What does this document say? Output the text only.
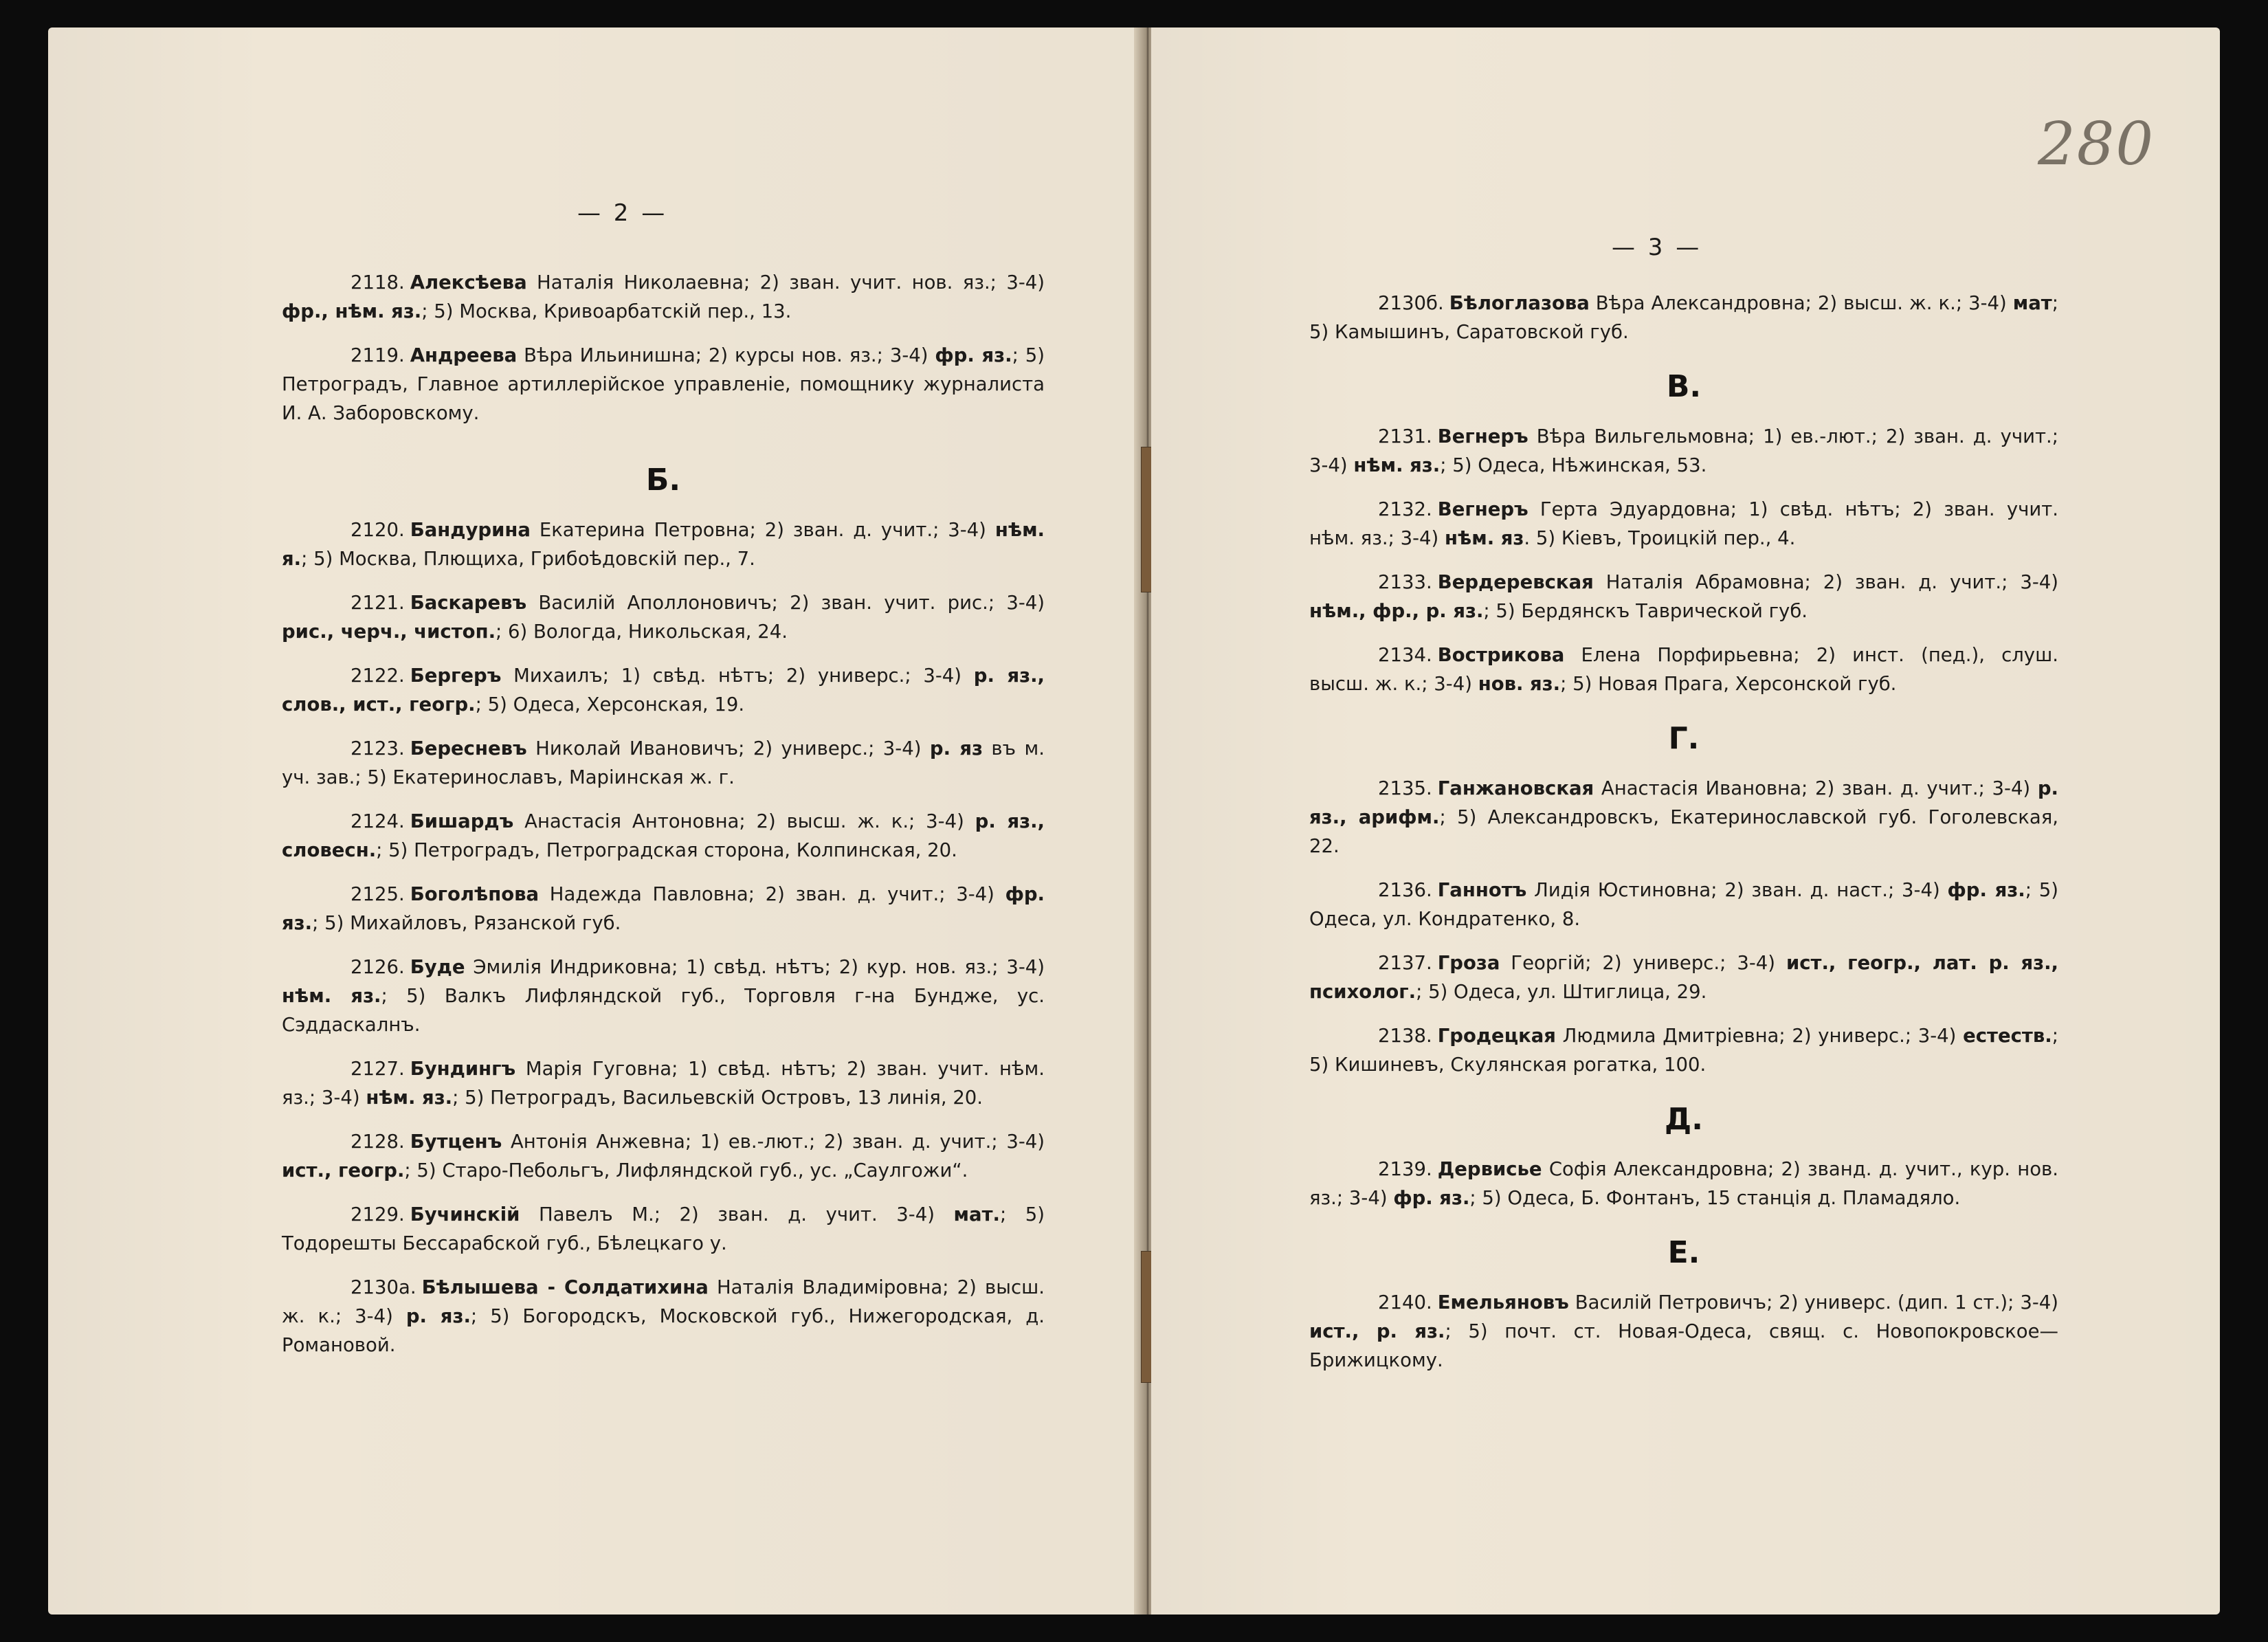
— 2 —
2118. Алексѣева Наталія Николаевна; 2) зван. учит. нов. яз.; 3-4) фр., нѣм. яз.; 5) Москва, Кривоарбатскій пер., 13.
2119. Андреева Вѣра Ильинишна; 2) курсы нов. яз.; 3-4) фр. яз.; 5) Петроградъ, Главное артиллерійское управленіе, помощнику журналиста И. А. Заборовскому.
Б.
2120. Бандурина Екатерина Петровна; 2) зван. д. учит.; 3-4) нѣм. я.; 5) Москва, Плющиха, Грибоѣдовскій пер., 7.
2121. Баскаревъ Василій Аполлоновичъ; 2) зван. учит. рис.; 3-4) рис., черч., чистоп.; 6) Вологда, Никольская, 24.
2122. Бергеръ Михаилъ; 1) свѣд. нѣтъ; 2) универс.; 3-4) р. яз., слов., ист., геогр.; 5) Одеса, Херсонская, 19.
2123. Бересневъ Николай Ивановичъ; 2) универс.; 3-4) р. яз въ м. уч. зав.; 5) Екатеринославъ, Маріинская ж. г.
2124. Бишардъ Анастасія Антоновна; 2) высш. ж. к.; 3-4) р. яз., словесн.; 5) Петроградъ, Петроградская сторона, Колпинская, 20.
2125. Боголѣпова Надежда Павловна; 2) зван. д. учит.; 3-4) фр. яз.; 5) Михайловъ, Рязанской губ.
2126. Буде Эмилія Индриковна; 1) свѣд. нѣтъ; 2) кур. нов. яз.; 3-4) нѣм. яз.; 5) Валкъ Лифляндской губ., Торговля г-на Бундже, ус. Сэддаскалнъ.
2127. Бундингъ Марія Гуговна; 1) свѣд. нѣтъ; 2) зван. учит. нѣм. яз.; 3-4) нѣм. яз.; 5) Петроградъ, Васильевскій Островъ, 13 линія, 20.
2128. Бутценъ Антонія Анжевна; 1) ев.-лют.; 2) зван. д. учит.; 3-4) ист., геогр.; 5) Старо-Пебольгъ, Лифляндской губ., ус. „Саулгожи“.
2129. Бучинскій Павелъ М.; 2) зван. д. учит. 3-4) мат.; 5) Тодорешты Бессарабской губ., Бѣлецкаго у.
2130а. Бѣлышева - Солдатихина Наталія Владиміровна; 2) высш. ж. к.; 3-4) р. яз.; 5) Богородскъ, Московской губ., Нижегородская, д. Романовой.
280
— 3 —
2130б. Бѣлоглазова Вѣра Александровна; 2) высш. ж. к.; 3-4) мат; 5) Камышинъ, Саратовской губ.
В.
2131. Вегнеръ Вѣра Вильгельмовна; 1) ев.-лют.; 2) зван. д. учит.; 3-4) нѣм. яз.; 5) Одеса, Нѣжинская, 53.
2132. Вегнеръ Герта Эдуардовна; 1) свѣд. нѣтъ; 2) зван. учит. нѣм. яз.; 3-4) нѣм. яз. 5) Кіевъ, Троицкій пер., 4.
2133. Вердеревская Наталія Абрамовна; 2) зван. д. учит.; 3-4) нѣм., фр., р. яз.; 5) Бердянскъ Таврической губ.
2134. Вострикова Елена Порфирьевна; 2) инст. (пед.), слуш. высш. ж. к.; 3-4) нов. яз.; 5) Новая Прага, Херсонской губ.
Г.
2135. Ганжановская Анастасія Ивановна; 2) зван. д. учит.; 3-4) р. яз., арифм.; 5) Александровскъ, Екатеринославской губ. Гоголевская, 22.
2136. Ганнотъ Лидія Юстиновна; 2) зван. д. наст.; 3-4) фр. яз.; 5) Одеса, ул. Кондратенко, 8.
2137. Гроза Георгій; 2) универс.; 3-4) ист., геогр., лат. р. яз., психолог.; 5) Одеса, ул. Штиглица, 29.
2138. Гродецкая Людмила Дмитріевна; 2) универс.; 3-4) естеств.; 5) Кишиневъ, Скулянская рогатка, 100.
Д.
2139. Дервисье Софія Александровна; 2) званд. д. учит., кур. нов. яз.; 3-4) фр. яз.; 5) Одеса, Б. Фонтанъ, 15 станція д. Пламадяло.
Е.
2140. Емельяновъ Василій Петровичъ; 2) универс. (дип. 1 ст.); 3-4) ист., р. яз.; 5) почт. ст. Новая-Одеса, свящ. с. Новопокровское—Брижицкому.
